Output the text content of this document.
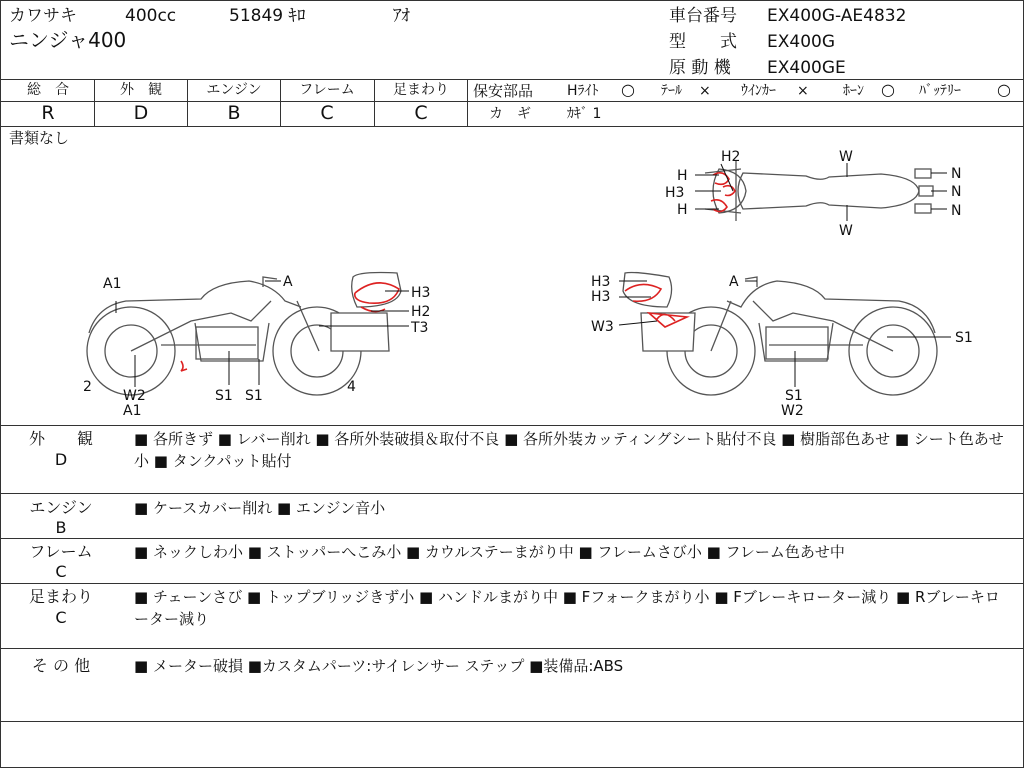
カワサキ	400cc	51849 ｷﾛ	ｱｵ
ニンジャ400
車台番号 EX400G-AE4832
型　　式 EX400G
原 動 機 EX400GE
総　合
R
外　観
D
エンジン
B
フレーム
C
足まわり
C
保安部品 Hﾗｲﾄ ○ ﾃｰﾙ × ｳｲﾝｶｰ × ﾎｰﾝ ○ ﾊﾞｯﾃﾘｰ ○
カ　ギ	ｶｷﾞ 1
書類なし
H2
H
H3
H
W
W
N
N
N
A1	A
H3
H2
T3
2
W2
A1
S1 S1
4
H3
H3
W3
A
S1
S1
W2
外　　観
D
■ 各所きず ■ レバー削れ ■ 各所外装破損＆取付不良 ■ 各所外装カッティングシート貼付不良 ■ 樹脂部色あせ ■ シート色あせ小 ■ タンクパット貼付
エンジン
B
■ ケースカバー削れ ■ エンジン音小
フレーム
C
■ ネックしわ小 ■ ストッパーへこみ小 ■ カウルステーまがり中 ■ フレームさび小 ■ フレーム色あせ中
足まわり
C
■ チェーンさび ■ トップブリッジきず小 ■ ハンドルまがり中 ■ Fフォークまがり小 ■ Fブレーキローター減り ■ Rブレーキローター減り
そ の 他	■ メーター破損 ■カスタムパーツ:サイレンサー ステップ ■装備品:ABS
